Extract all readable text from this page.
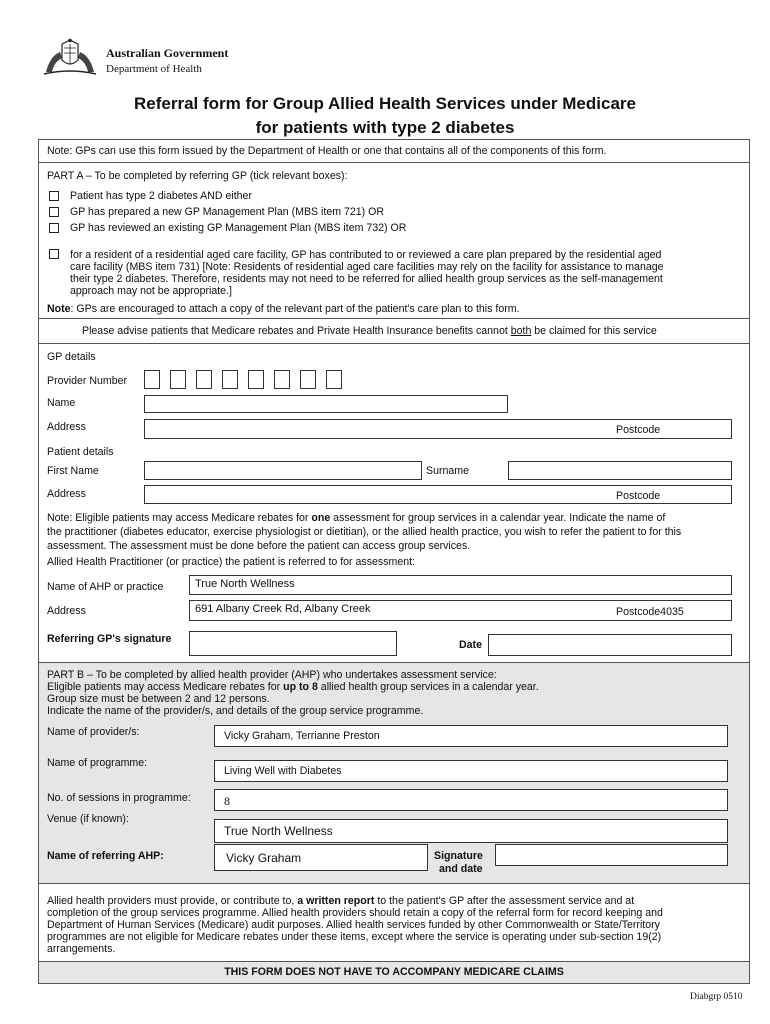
Australian Government
Department of Health
Referral form for Group Allied Health Services under Medicare
for patients with type 2 diabetes
Note: GPs can use this form issued by the Department of Health or one that contains all of the components of this form.
PART A – To be completed by referring GP (tick relevant boxes):
Patient has type 2 diabetes AND either
GP has prepared a new GP Management Plan (MBS item 721) OR
GP has reviewed an existing GP Management Plan (MBS item 732) OR
for a resident of a residential aged care facility, GP has contributed to or reviewed a care plan prepared by the residential aged
care facility (MBS item 731) [Note: Residents of residential aged care facilities may rely on the facility for assistance to manage
their type 2 diabetes. Therefore, residents may not need to be referred for allied health group services as the self-management
approach may not be appropriate.]
Note: GPs are encouraged to attach a copy of the relevant part of the patient's care plan to this form.
Please advise patients that Medicare rebates and Private Health Insurance benefits cannot both be claimed for this service
GP details
Provider Number
Name
Address	Postcode
Patient details
First Name	Surname
Address	Postcode
Note: Eligible patients may access Medicare rebates for one assessment for group services in a calendar year. Indicate the name of
the practitioner (diabetes educator, exercise physiologist or dietitian), or the allied health practice, you wish to refer the patient to for this
assessment. The assessment must be done before the patient can access group services.
Allied Health Practitioner (or practice) the patient is referred to for assessment:
Name of AHP or practice	True North Wellness
Address	691 Albany Creek Rd, Albany Creek	Postcode4035
Referring GP's signature	Date
PART B – To be completed by allied health provider (AHP) who undertakes assessment service:
Eligible patients may access Medicare rebates for up to 8 allied health group services in a calendar year.
Group size must be between 2 and 12 persons.
Indicate the name of the provider/s, and details of the group service programme.
Name of provider/s:	Vicky Graham, Terrianne Preston
Name of programme:
Living Well with Diabetes
No. of sessions in programme:	8
Venue (if known):
True North Wellness
Name of referring AHP:	Vicky Graham	Signature
and date
Allied health providers must provide, or contribute to, a written report to the patient's GP after the assessment service and at
completion of the group services programme. Allied health providers should retain a copy of the referral form for record keeping and
Department of Human Services (Medicare) audit purposes. Allied health services funded by other Commonwealth or State/Territory
programmes are not eligible for Medicare rebates under these items, except where the service is operating under sub-section 19(2)
arrangements.
THIS FORM DOES NOT HAVE TO ACCOMPANY MEDICARE CLAIMS
Diabgrp 0510
